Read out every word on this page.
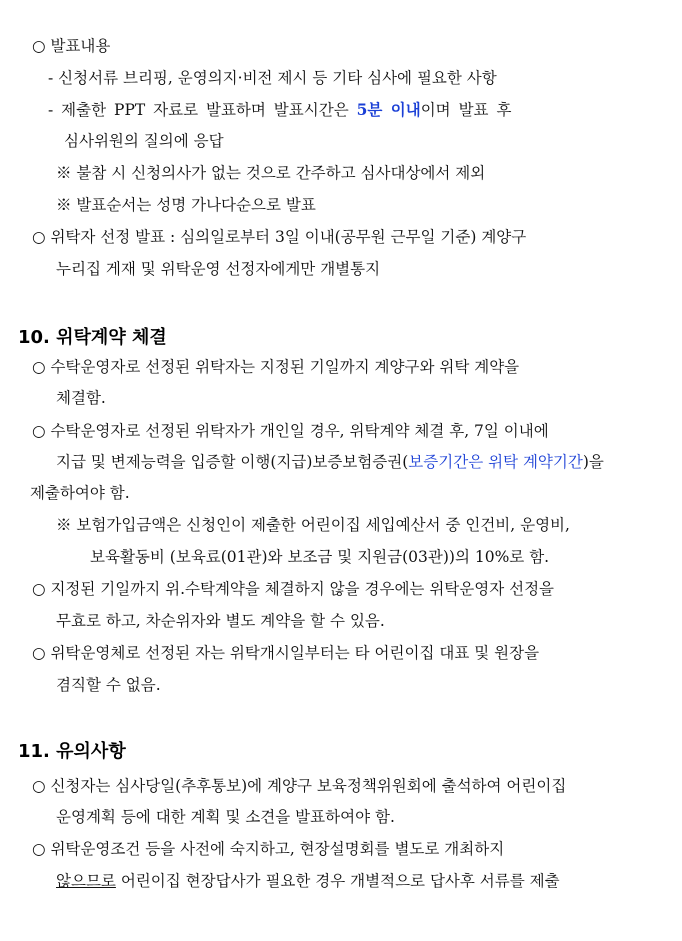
○ 발표내용
- 신청서류 브리핑, 운영의지·비전 제시 등 기타 심사에 필요한 사항
- 제출한 PPT 자료로 발표하며 발표시간은 5분 이내이며 발표 후
심사위원의 질의에 응답
※ 불참 시 신청의사가 없는 것으로 간주하고 심사대상에서 제외
※ 발표순서는 성명 가나다순으로 발표
○ 위탁자 선정 발표 : 심의일로부터 3일 이내(공무원 근무일 기준) 계양구
누리집 게재 및 위탁운영 선정자에게만 개별통지
10. 위탁계약 체결
○ 수탁운영자로 선정된 위탁자는 지정된 기일까지 계양구와 위탁 계약을
체결함.
○ 수탁운영자로 선정된 위탁자가 개인일 경우, 위탁계약 체결 후, 7일 이내에
지급 및 변제능력을 입증할 이행(지급)보증보험증권(보증기간은 위탁 계약기간)을
제출하여야 함.
※ 보험가입금액은 신청인이 제출한 어린이집 세입예산서 중 인건비, 운영비,
보육활동비 (보육료(01관)와 보조금 및 지원금(03관))의 10%로 함.
○ 지정된 기일까지 위.수탁계약을 체결하지 않을 경우에는 위탁운영자 선정을
무효로 하고, 차순위자와 별도 계약을 할 수 있음.
○ 위탁운영체로 선정된 자는 위탁개시일부터는 타 어린이집 대표 및 원장을
겸직할 수 없음.
11. 유의사항
○ 신청자는 심사당일(추후통보)에 계양구 보육정책위원회에 출석하여 어린이집
운영계획 등에 대한 계획 및 소견을 발표하여야 함.
○ 위탁운영조건 등을 사전에 숙지하고, 현장설명회를 별도로 개최하지
않으므로 어린이집 현장답사가 필요한 경우 개별적으로 답사후 서류를 제출
